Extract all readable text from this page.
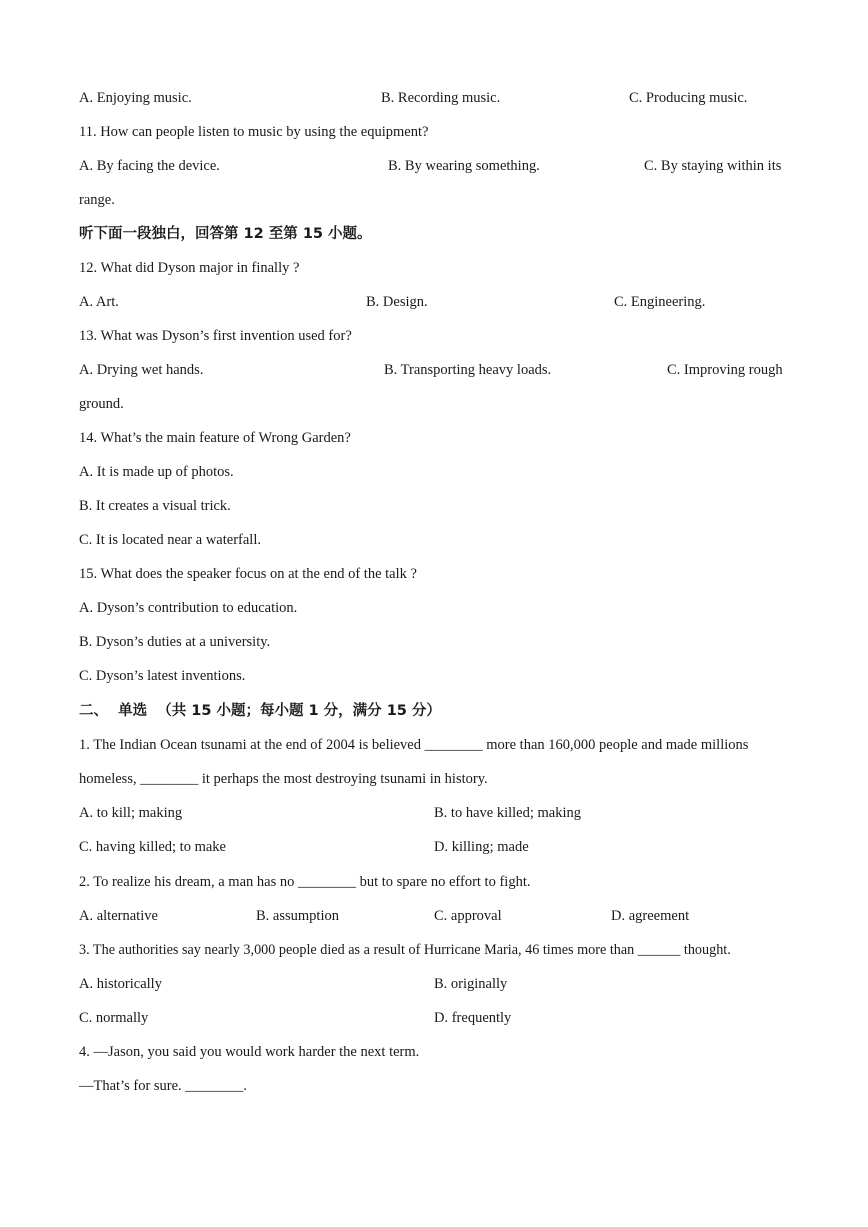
A. Enjoying music.	B. Recording music.	C. Producing music.
11. How can people listen to music by using the equipment?
A. By facing the device.	B. By wearing something.	C. By staying within its
range.
听下面一段独白，回答第 12 至第 15 小题。
12. What did Dyson major in finally ?
A. Art.	B. Design.	C. Engineering.
13. What was Dyson’s first invention used for?
A. Drying wet hands.	B. Transporting heavy loads.	C. Improving rough
ground.
14. What’s the main feature of Wrong Garden?
A. It is made up of photos.
B. It creates a visual trick.
C. It is located near a waterfall.
15. What does the speaker focus on at the end of the talk ?
A. Dyson’s contribution to education.
B. Dyson’s duties at a university.
C. Dyson’s latest inventions.
二、  单选  （共 15 小题；每小题 1 分，满分 15 分）
1. The Indian Ocean tsunami at the end of 2004 is believed ________ more than 160,000 people and made millions
homeless, ________ it perhaps the most destroying tsunami in history.
A. to kill; making	B. to have killed; making
C. having killed; to make	D. killing; made
2. To realize his dream, a man has no ________ but to spare no effort to fight.
A. alternative	B. assumption	C. approval	D. agreement
3. The authorities say nearly 3,000 people died as a result of Hurricane Maria, 46 times more than ______ thought.
A. historically	B. originally
C. normally	D. frequently
4. —Jason, you said you would work harder the next term.
—That’s for sure. ________.
